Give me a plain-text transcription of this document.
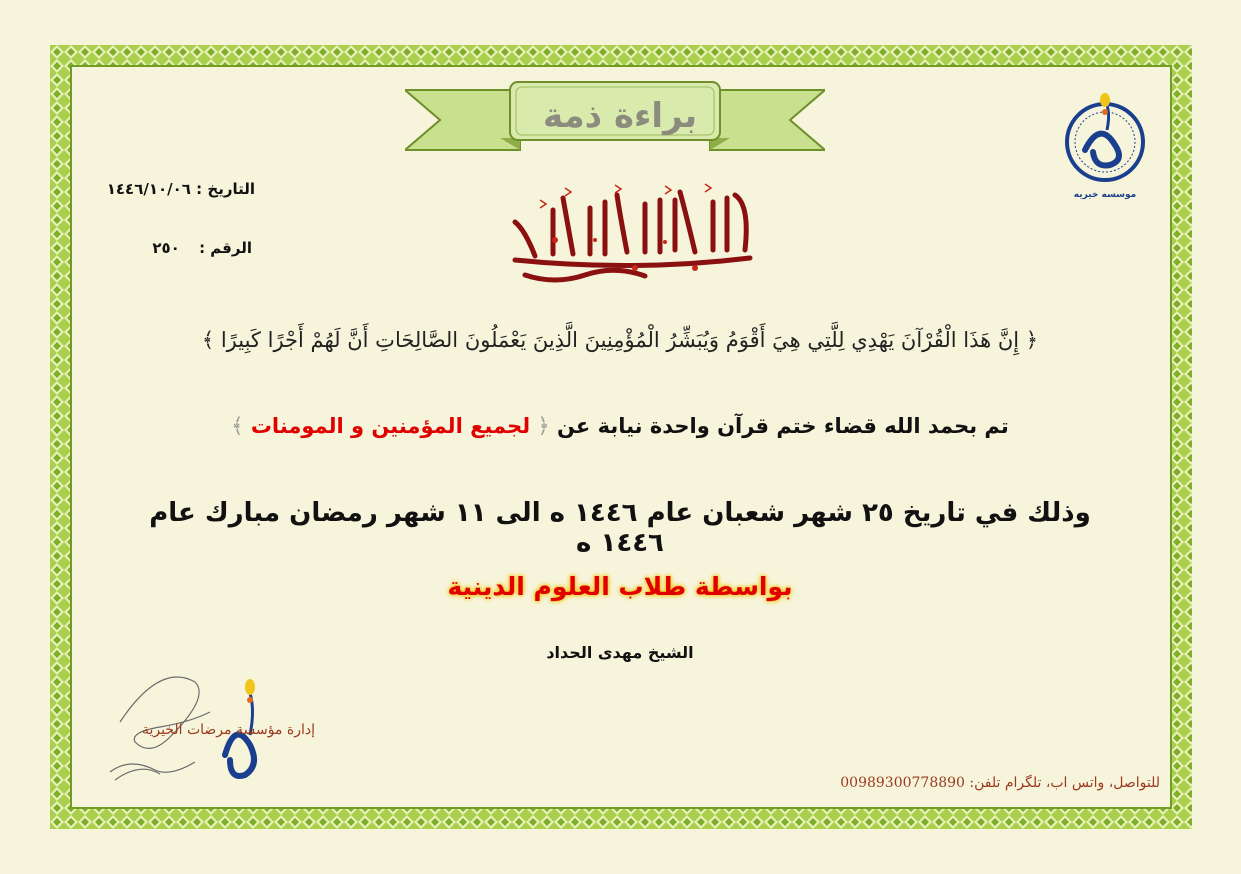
براءة ذمة
التاريخ : ١٤٤٦/١٠/٠٦
الرقم : ٢٥٠
موسسه خيريه
﴿ إِنَّ هَذَا الْقُرْآنَ يَهْدِي لِلَّتِي هِيَ أَقْوَمُ وَيُبَشِّرُ الْمُؤْمِنِينَ الَّذِينَ يَعْمَلُونَ الصَّالِحَاتِ أَنَّ لَهُمْ أَجْرًا كَبِيرًا ﴾
تم بحمد الله قضاء ختم قرآن واحدة نيابة عن ﴿ لجميع المؤمنين و المومنات ﴾
وذلك في تاريخ ٢٥ شهر شعبان عام ١٤٤٦ ه الى ١١ شهر رمضان مبارك عام ١٤٤٦ ه
بواسطة طلاب العلوم الدينية
الشيخ مهدى الحداد
إدارة مؤسسة مرضات الخيرية
للتواصل، واتس اب، تلگرام تلفن: 00989300778890
